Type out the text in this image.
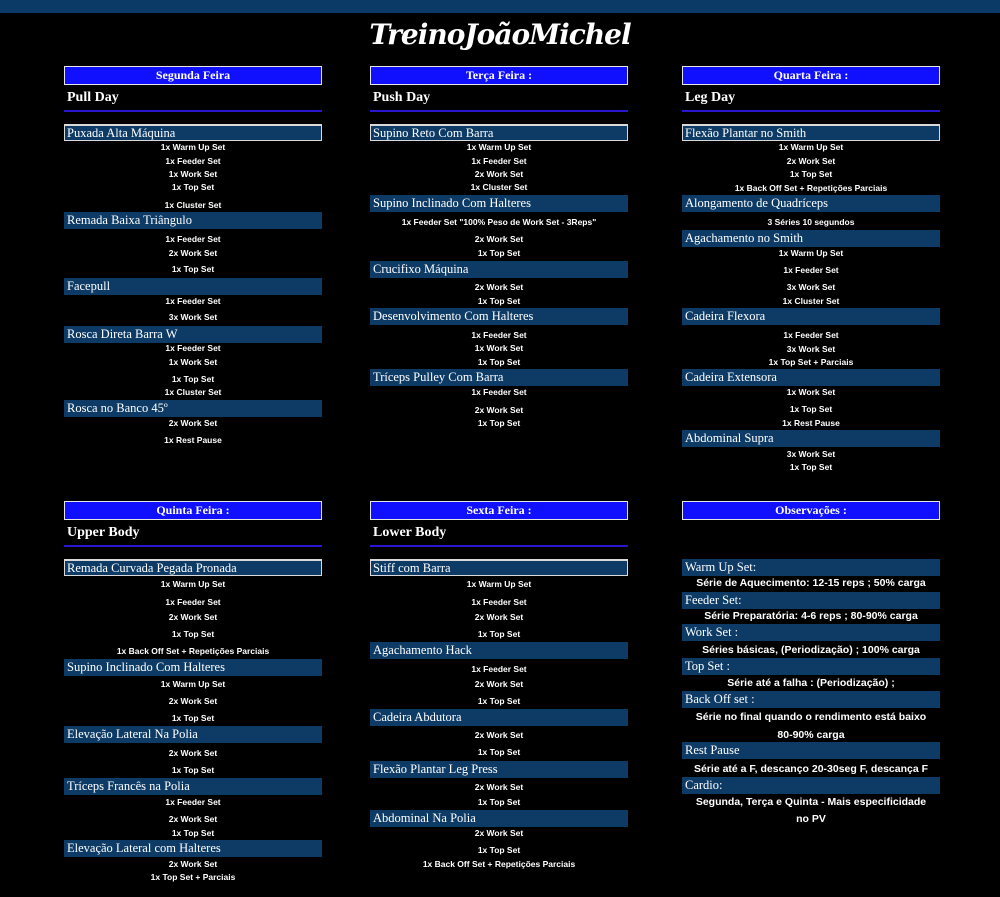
TreinoJoãoMichel
Segunda Feira
Pull Day
Puxada Alta Máquina
1x Warm Up Set
1x Feeder Set
1x Work Set
1x Top Set
1x Cluster Set
Remada Baixa Triângulo
1x Feeder Set
2x Work Set
1x Top Set
Facepull
1x Feeder Set
3x Work Set
Rosca Direta Barra W
1x Feeder Set
1x Work Set
1x Top Set
1x Cluster Set
Rosca no Banco 45º
2x Work Set
1x Rest Pause
Terça Feira :
Push Day
Supino Reto Com Barra
1x Warm Up Set
1x Feeder Set
2x Work Set
1x Cluster Set
Supino Inclinado Com Halteres
1x Feeder Set "100% Peso de Work Set - 3Reps"
2x Work Set
1x Top Set
Crucifixo Máquina
2x Work Set
1x Top Set
Desenvolvimento Com Halteres
1x Feeder Set
1x Work Set
1x Top Set
Tríceps Pulley Com Barra
1x Feeder Set
2x Work Set
1x Top Set
Quarta Feira :
Leg Day
Flexão Plantar no Smith
1x Warm Up Set
2x Work Set
1x Top Set
1x Back Off Set + Repetições Parciais
Alongamento de Quadríceps
3 Séries 10 segundos
Agachamento no Smith
1x Warm Up Set
1x Feeder Set
3x Work Set
1x Cluster Set
Cadeira Flexora
1x Feeder Set
3x Work Set
1x Top Set + Parciais
Cadeira Extensora
1x Work Set
1x Top Set
1x Rest Pause
Abdominal Supra
3x Work Set
1x Top Set
Quinta Feira :
Upper Body
Remada Curvada Pegada Pronada
1x Warm Up Set
1x Feeder Set
2x Work Set
1x Top Set
1x Back Off Set + Repetições Parciais
Supino Inclinado Com Halteres
1x Warm Up Set
2x Work Set
1x Top Set
Elevação Lateral Na Polia
2x Work Set
1x Top Set
Tríceps Francês na Polia
1x Feeder Set
2x Work Set
1x Top Set
Elevação Lateral com Halteres
2x Work Set
1x Top Set + Parciais
Sexta Feira :
Lower Body
Stiff com Barra
1x Warm Up Set
1x Feeder Set
2x Work Set
1x Top Set
Agachamento Hack
1x Feeder Set
2x Work Set
1x Top Set
Cadeira Abdutora
2x Work Set
1x Top Set
Flexão Plantar Leg Press
2x Work Set
1x Top Set
Abdominal Na Polia
2x Work Set
1x Top Set
1x Back Off Set + Repetições Parciais
Observações :
Warm Up Set:
Série de Aquecimento: 12-15 reps ; 50% carga
Feeder Set:
Série Preparatória: 4-6 reps ; 80-90% carga
Work Set :
Séries básicas, (Periodização) ; 100% carga
Top Set :
Série até a falha : (Periodização) ;
Back Off set :
Série no final quando o rendimento está baixo
80-90% carga
Rest Pause
Série até a F, descanço 20-30seg F, descança F
Cardio:
Segunda, Terça e Quinta - Mais especificidade
no PV
